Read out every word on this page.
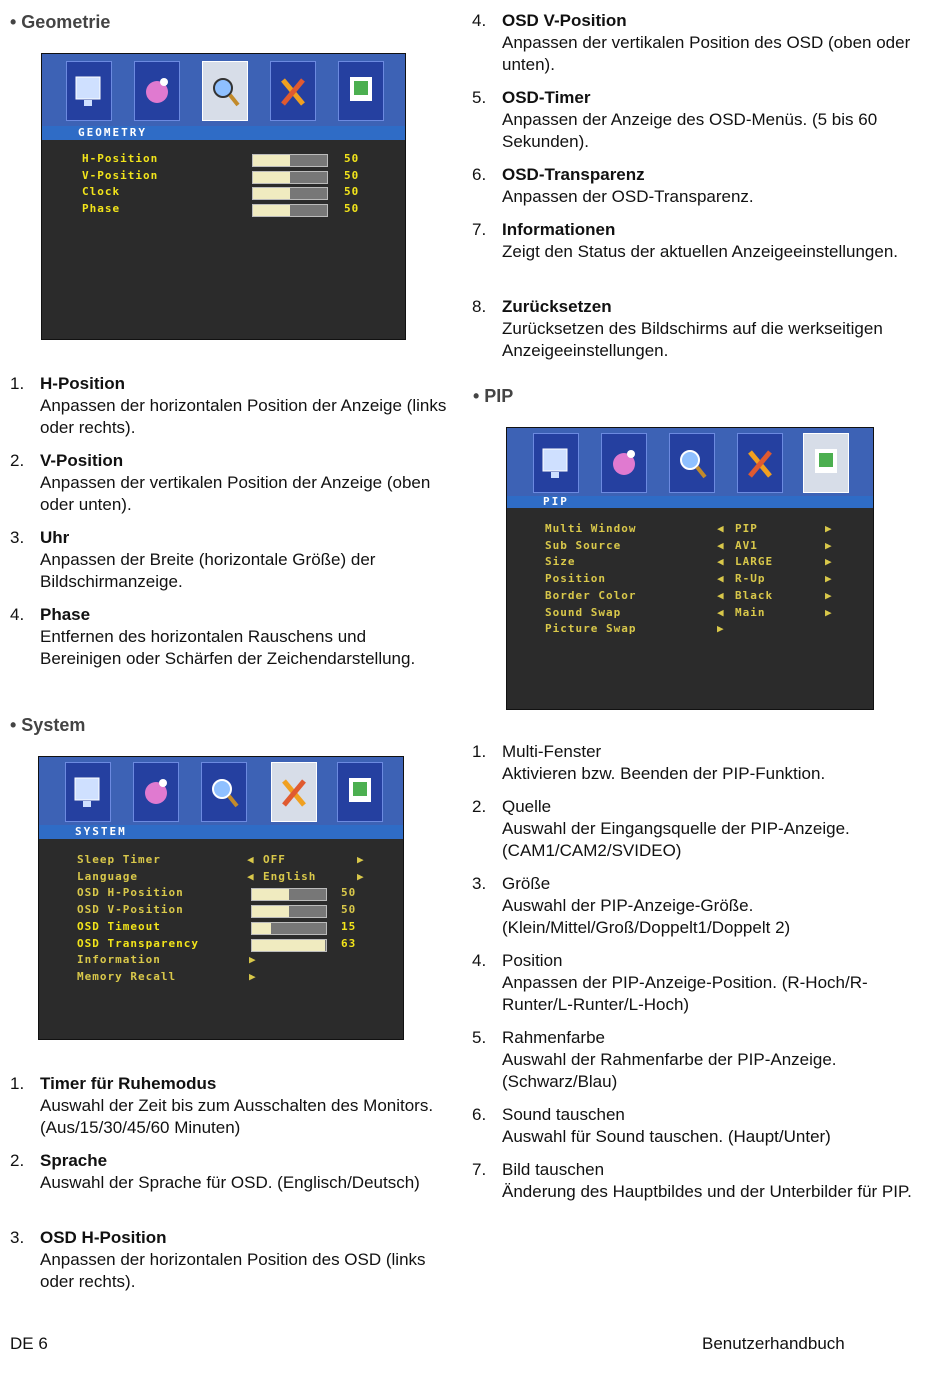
• Geometrie
GEOMETRY
H-Position	50
V-Position	50
Clock	50
Phase	50
1. H-Position
Anpassen der horizontalen Position der Anzeige (links oder rechts).
2. V-Position
Anpassen der vertikalen Position der Anzeige (oben oder unten).
3. Uhr
Anpassen der Breite (horizontale Größe) der Bildschirmanzeige.
4. Phase
Entfernen des horizontalen Rauschens und Bereinigen oder Schärfen der Zeichendarstellung.
• System
SYSTEM
Sleep Timer	◀ OFF	▶
Language	◀ English	▶
OSD H-Position	50
OSD V-Position	50
OSD Timeout	15
OSD Transparency	63
Information	▶
Memory Recall	▶
1. Timer für Ruhemodus
Auswahl der Zeit bis zum Ausschalten des Monitors. (Aus/15/30/45/60 Minuten)
2. Sprache
Auswahl der Sprache für OSD. (Englisch/Deutsch)
3. OSD H-Position
Anpassen der horizontalen Position des OSD (links oder rechts).
4. OSD V-Position
Anpassen der vertikalen Position des OSD (oben oder unten).
5. OSD-Timer
Anpassen der Anzeige des OSD-Menüs. (5 bis 60 Sekunden).
6. OSD-Transparenz
Anpassen der OSD-Transparenz.
7. Informationen
Zeigt den Status der aktuellen Anzeigeeinstellungen.
8. Zurücksetzen
Zurücksetzen des Bildschirms auf die werkseitigen Anzeigeeinstellungen.
• PIP
PIP
Multi Window	◀ PIP	▶
Sub Source	◀ AV1	▶
Size	◀ LARGE	▶
Position	◀ R-Up	▶
Border Color	◀ Black	▶
Sound Swap	◀ Main	▶
Picture Swap	▶
1. Multi-Fenster
Aktivieren bzw. Beenden der PIP-Funktion.
2. Quelle
Auswahl der Eingangsquelle der PIP-Anzeige. (CAM1/CAM2/SVIDEO)
3. Größe
Auswahl der PIP-Anzeige-Größe. (Klein/Mittel/Groß/Doppelt1/Doppelt 2)
4. Position
Anpassen der PIP-Anzeige-Position. (R-Hoch/R-Runter/L-Runter/L-Hoch)
5. Rahmenfarbe
Auswahl der Rahmenfarbe der PIP-Anzeige. (Schwarz/Blau)
6. Sound tauschen
Auswahl für Sound tauschen. (Haupt/Unter)
7. Bild tauschen
Änderung des Hauptbildes und der Unterbilder für PIP.
DE 6	Benutzerhandbuch
